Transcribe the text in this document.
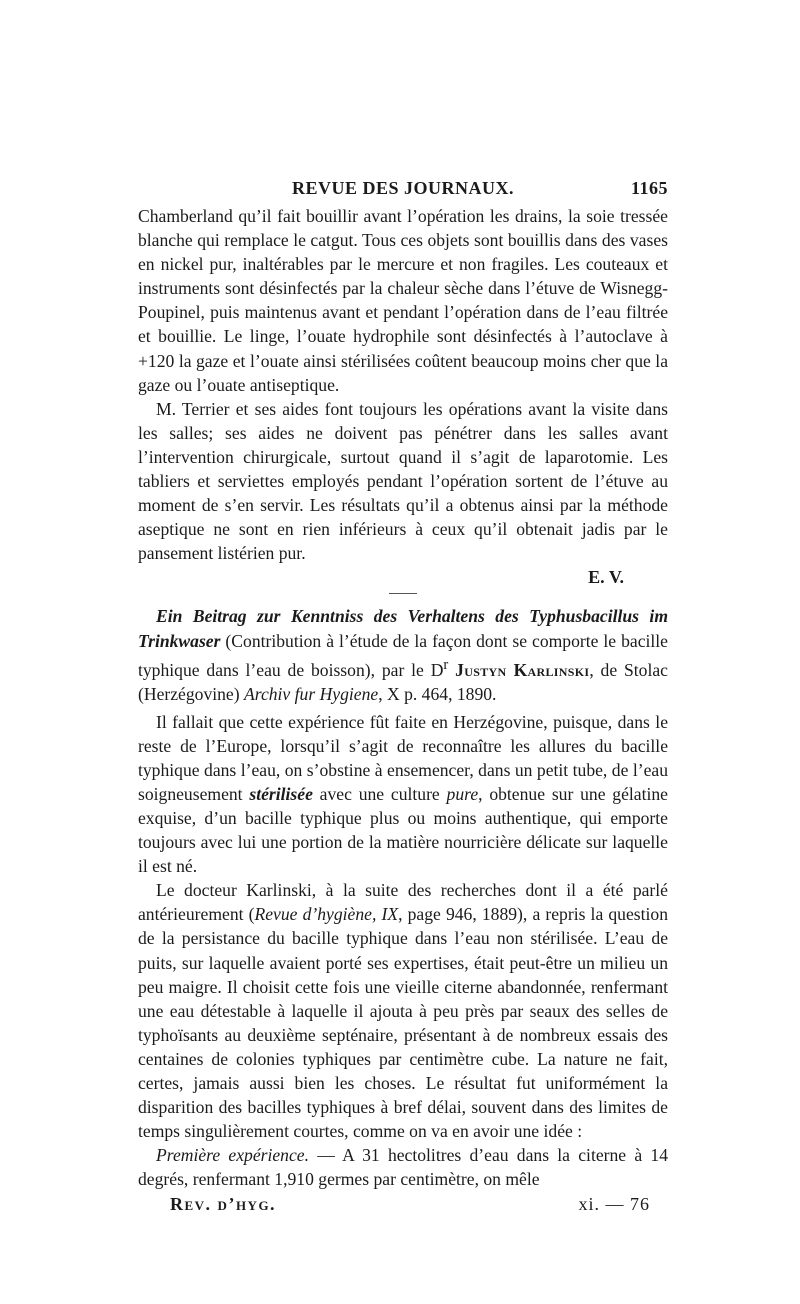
REVUE DES JOURNAUX.	1165

Chamberland qu’il fait bouillir avant l’opération les drains, la soie tressée blanche qui remplace le catgut. Tous ces objets sont bouillis dans des vases en nickel pur, inaltérables par le mercure et non fragiles. Les couteaux et instruments sont désinfectés par la chaleur sèche dans l’étuve de Wisnegg-Poupinel, puis maintenus avant et pendant l’opération dans de l’eau filtrée et bouillie. Le linge, l’ouate hydrophile sont désinfectés à l’autoclave à +120 la gaze et l’ouate ainsi stérilisées coûtent beaucoup moins cher que la gaze ou l’ouate antiseptique.

M. Terrier et ses aides font toujours les opérations avant la visite dans les salles; ses aides ne doivent pas pénétrer dans les salles avant l’intervention chirurgicale, surtout quand il s’agit de laparotomie. Les tabliers et serviettes employés pendant l’opération sortent de l’étuve au moment de s’en servir. Les résultats qu’il a obtenus ainsi par la méthode aseptique ne sont en rien inférieurs à ceux qu’il obtenait jadis par le pansement listérien pur.

E. V.

Ein Beitrag zur Kenntniss des Verhaltens des Typhusbacillus im Trinkwaser (Contribution à l’étude de la façon dont se comporte le bacille typhique dans l’eau de boisson), par le $D^r$ Justyn Karlinski, de Stolac (Herzégovine) Archiv fur Hygiene, X p. 464, 1890.

Il fallait que cette expérience fût faite en Herzégovine, puisque, dans le reste de l’Europe, lorsqu’il s’agit de reconnaître les allures du bacille typhique dans l’eau, on s’obstine à ensemencer, dans un petit tube, de l’eau soigneusement stérilisée avec une culture pure, obtenue sur une gélatine exquise, d’un bacille typhique plus ou moins authentique, qui emporte toujours avec lui une portion de la matière nourricière délicate sur laquelle il est né.

Le docteur Karlinski, à la suite des recherches dont il a été parlé antérieurement (Revue d’hygiène, IX, page 946, 1889), a repris la question de la persistance du bacille typhique dans l’eau non stérilisée. L’eau de puits, sur laquelle avaient porté ses expertises, était peut-être un milieu un peu maigre. Il choisit cette fois une vieille citerne abandonnée, renfermant une eau détestable à laquelle il ajouta à peu près par seaux des selles de typhoïsants au deuxième septénaire, présentant à de nombreux essais des centaines de colonies typhiques par centimètre cube. La nature ne fait, certes, jamais aussi bien les choses. Le résultat fut uniformément la disparition des bacilles typhiques à bref délai, souvent dans des limites de temps singulièrement courtes, comme on va en avoir une idée :

Première expérience. — A 31 hectolitres d’eau dans la citerne à 14 degrés, renfermant 1,910 germes par centimètre, on mêle

Rev. d’hyg.	xi. — 76
